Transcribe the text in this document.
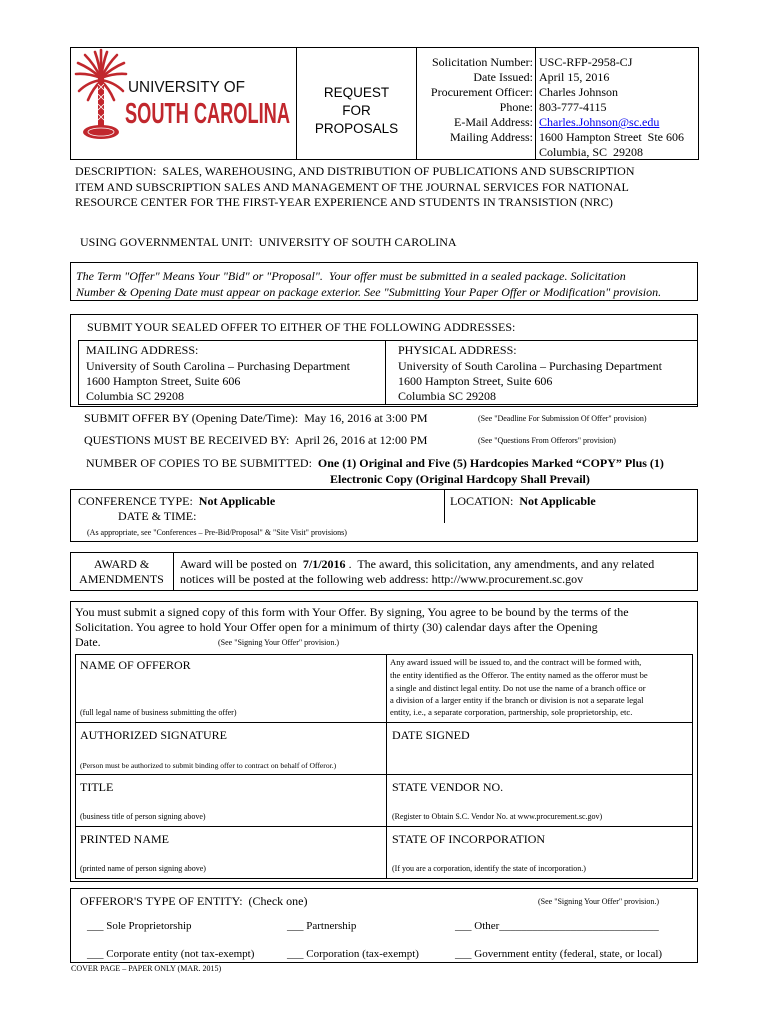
UNIVERSITY OF
SOUTH CAROLINA
REQUEST
FOR
PROPOSALS
Solicitation Number: USC-RFP-2958-CJ
Date Issued: April 15, 2016
Procurement Officer: Charles Johnson
Phone: 803-777-4115
E-Mail Address: Charles.Johnson@sc.edu
Mailing Address: 1600 Hampton Street  Ste 606
Columbia, SC  29208
DESCRIPTION:  SALES, WAREHOUSING, AND DISTRIBUTION OF PUBLICATIONS AND SUBSCRIPTION
ITEM AND SUBSCRIPTION SALES AND MANAGEMENT OF THE JOURNAL SERVICES FOR NATIONAL
RESOURCE CENTER FOR THE FIRST-YEAR EXPERIENCE AND STUDENTS IN TRANSISTION (NRC)
USING GOVERNMENTAL UNIT:  UNIVERSITY OF SOUTH CAROLINA
The Term "Offer" Means Your "Bid" or "Proposal".  Your offer must be submitted in a sealed package. Solicitation
Number & Opening Date must appear on package exterior. See "Submitting Your Paper Offer or Modification" provision.
SUBMIT YOUR SEALED OFFER TO EITHER OF THE FOLLOWING ADDRESSES:
MAILING ADDRESS:
University of South Carolina – Purchasing Department
1600 Hampton Street, Suite 606
Columbia SC 29208
PHYSICAL ADDRESS:
University of South Carolina – Purchasing Department
1600 Hampton Street, Suite 606
Columbia SC 29208
SUBMIT OFFER BY (Opening Date/Time):  May 16, 2016 at 3:00 PM	(See "Deadline For Submission Of Offer" provision)
QUESTIONS MUST BE RECEIVED BY:  April 26, 2016 at 12:00 PM	(See "Questions From Offerors" provision)
NUMBER OF COPIES TO BE SUBMITTED:  One (1) Original and Five (5) Hardcopies Marked “COPY” Plus (1)
Electronic Copy (Original Hardcopy Shall Prevail)
CONFERENCE TYPE:  Not Applicable
DATE & TIME:
LOCATION:  Not Applicable
(As appropriate, see "Conferences – Pre-Bid/Proposal" & "Site Visit" provisions)
AWARD &
AMENDMENTS
Award will be posted on  7/1/2016 .  The award, this solicitation, any amendments, and any related
notices will be posted at the following web address: http://www.procurement.sc.gov
You must submit a signed copy of this form with Your Offer. By signing, You agree to be bound by the terms of the
Solicitation. You agree to hold Your Offer open for a minimum of thirty (30) calendar days after the Opening
Date.	(See "Signing Your Offer" provision.)
NAME OF OFFEROR
(full legal name of business submitting the offer)
Any award issued will be issued to, and the contract will be formed with,
the entity identified as the Offeror. The entity named as the offeror must be
a single and distinct legal entity. Do not use the name of a branch office or
a division of a larger entity if the branch or division is not a separate legal
entity, i.e., a separate corporation, partnership, sole proprietorship, etc.
AUTHORIZED SIGNATURE
(Person must be authorized to submit binding offer to contract on behalf of Offeror.)
DATE SIGNED
TITLE
(business title of person signing above)
STATE VENDOR NO.
(Register to Obtain S.C. Vendor No. at www.procurement.sc.gov)
PRINTED NAME
(printed name of person signing above)
STATE OF INCORPORATION
(If you are a corporation, identify the state of incorporation.)
OFFEROR'S TYPE OF ENTITY:  (Check one)	(See "Signing Your Offer" provision.)
___ Sole Proprietorship	___ Partnership	___ Other_____________________________
___ Corporate entity (not tax-exempt)	___ Corporation (tax-exempt)	___ Government entity (federal, state, or local)
COVER PAGE – PAPER ONLY (MAR. 2015)
